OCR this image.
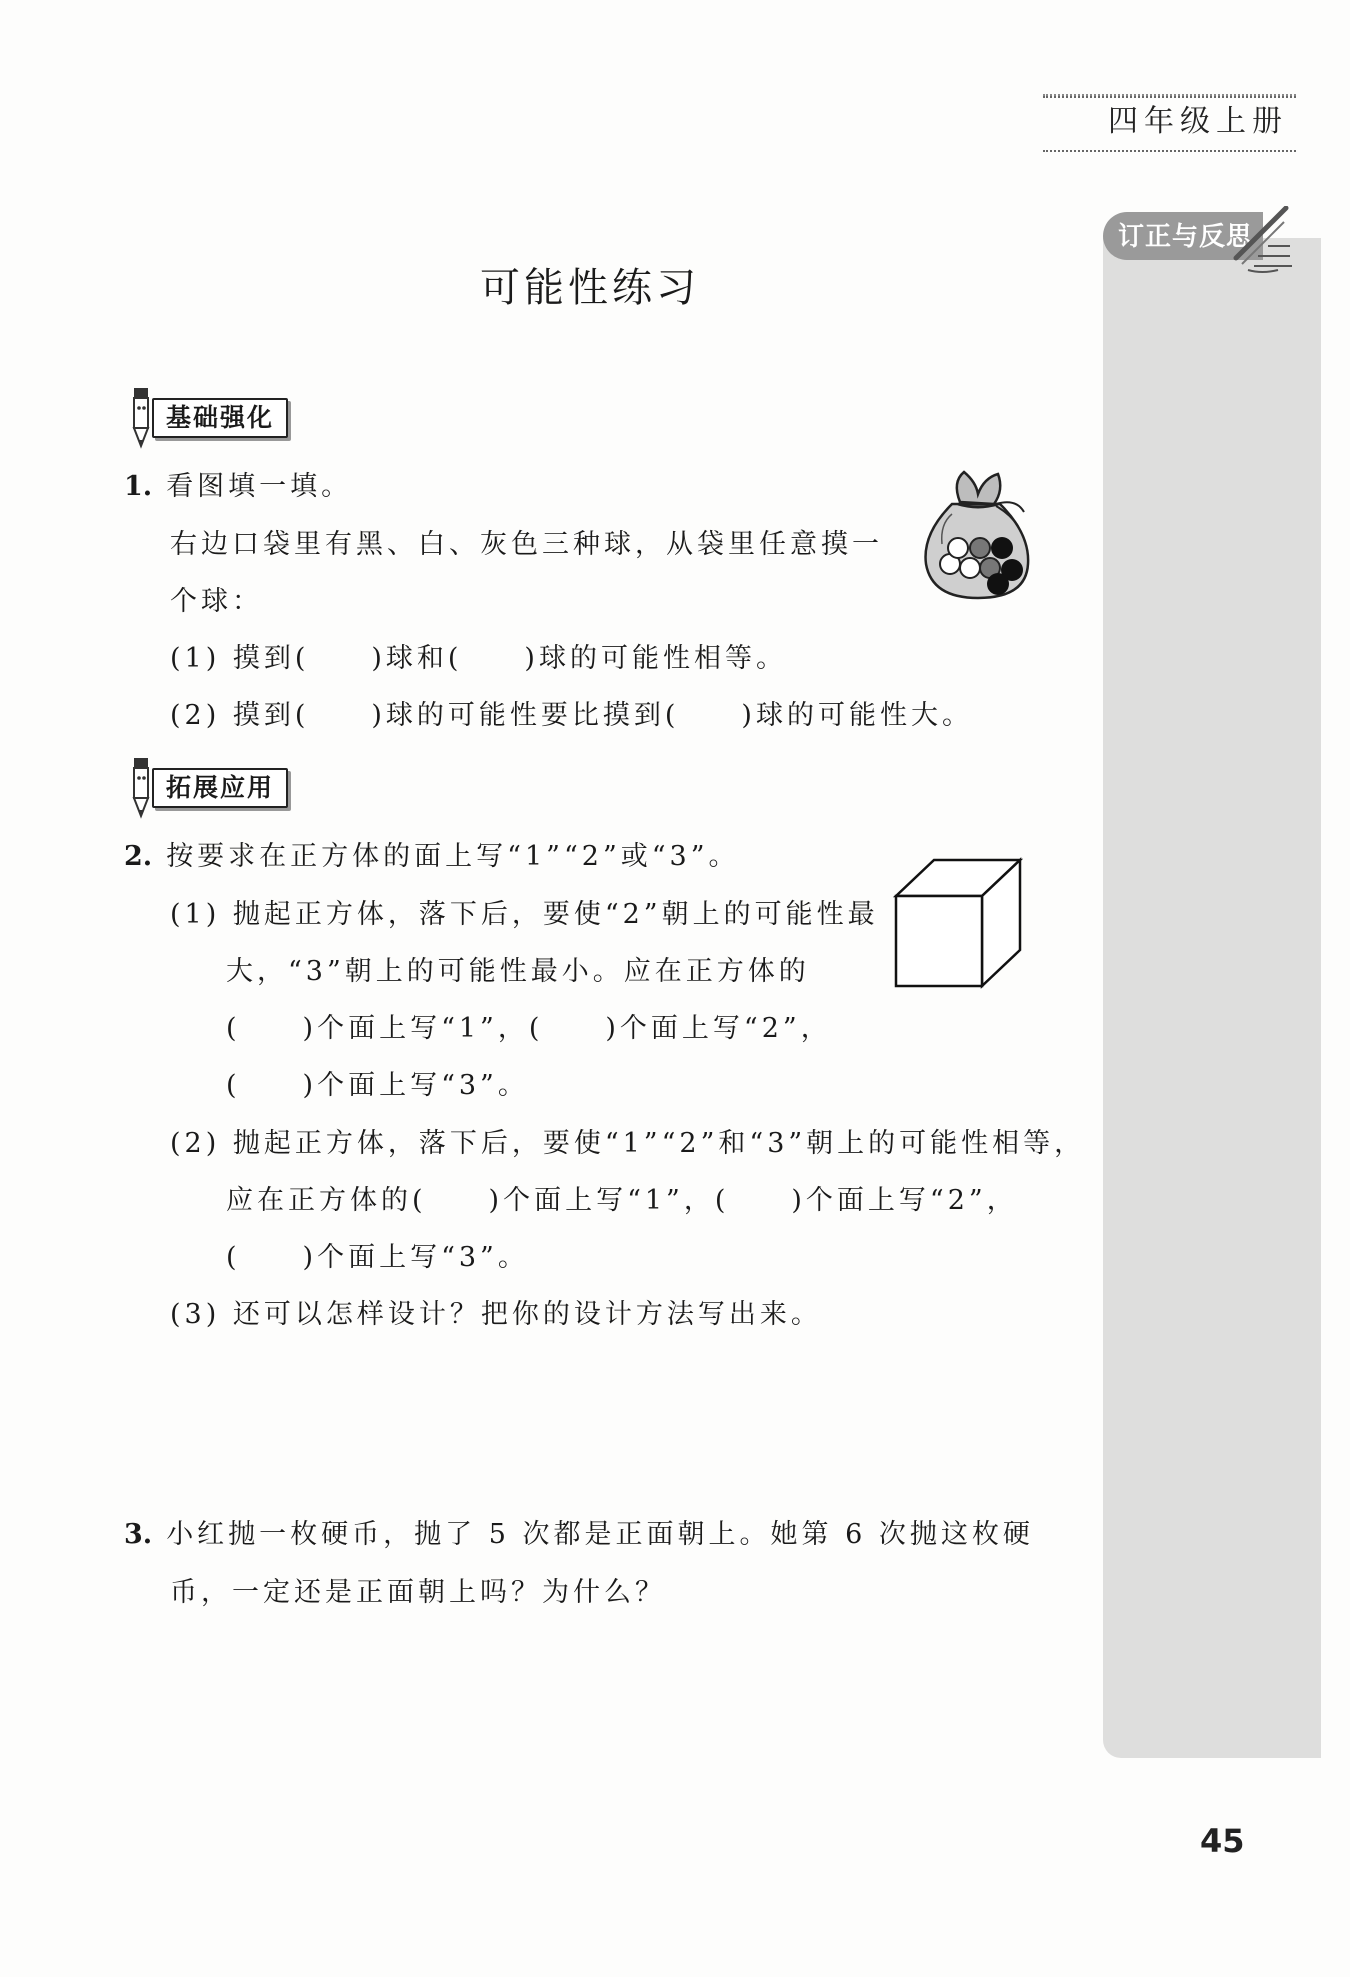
四年级上册
订正与反思
可能性练习
基础强化
1. 看图填一填。
右边口袋里有黑、白、灰色三种球，从袋里任意摸一
个球：
(1) 摸到(　　)球和(　　)球的可能性相等。
(2) 摸到(　　)球的可能性要比摸到(　　)球的可能性大。
拓展应用
2. 按要求在正方体的面上写“1”“2”或“3”。
(1) 抛起正方体，落下后，要使“2”朝上的可能性最
大，“3”朝上的可能性最小。应在正方体的
(　　)个面上写“1”，(　　)个面上写“2”，
(　　)个面上写“3”。
(2) 抛起正方体，落下后，要使“1”“2”和“3”朝上的可能性相等，
应在正方体的(　　)个面上写“1”，(　　)个面上写“2”，
(　　)个面上写“3”。
(3) 还可以怎样设计？把你的设计方法写出来。
3. 小红抛一枚硬币，抛了 5 次都是正面朝上。她第 6 次抛这枚硬
币，一定还是正面朝上吗？为什么？
45
